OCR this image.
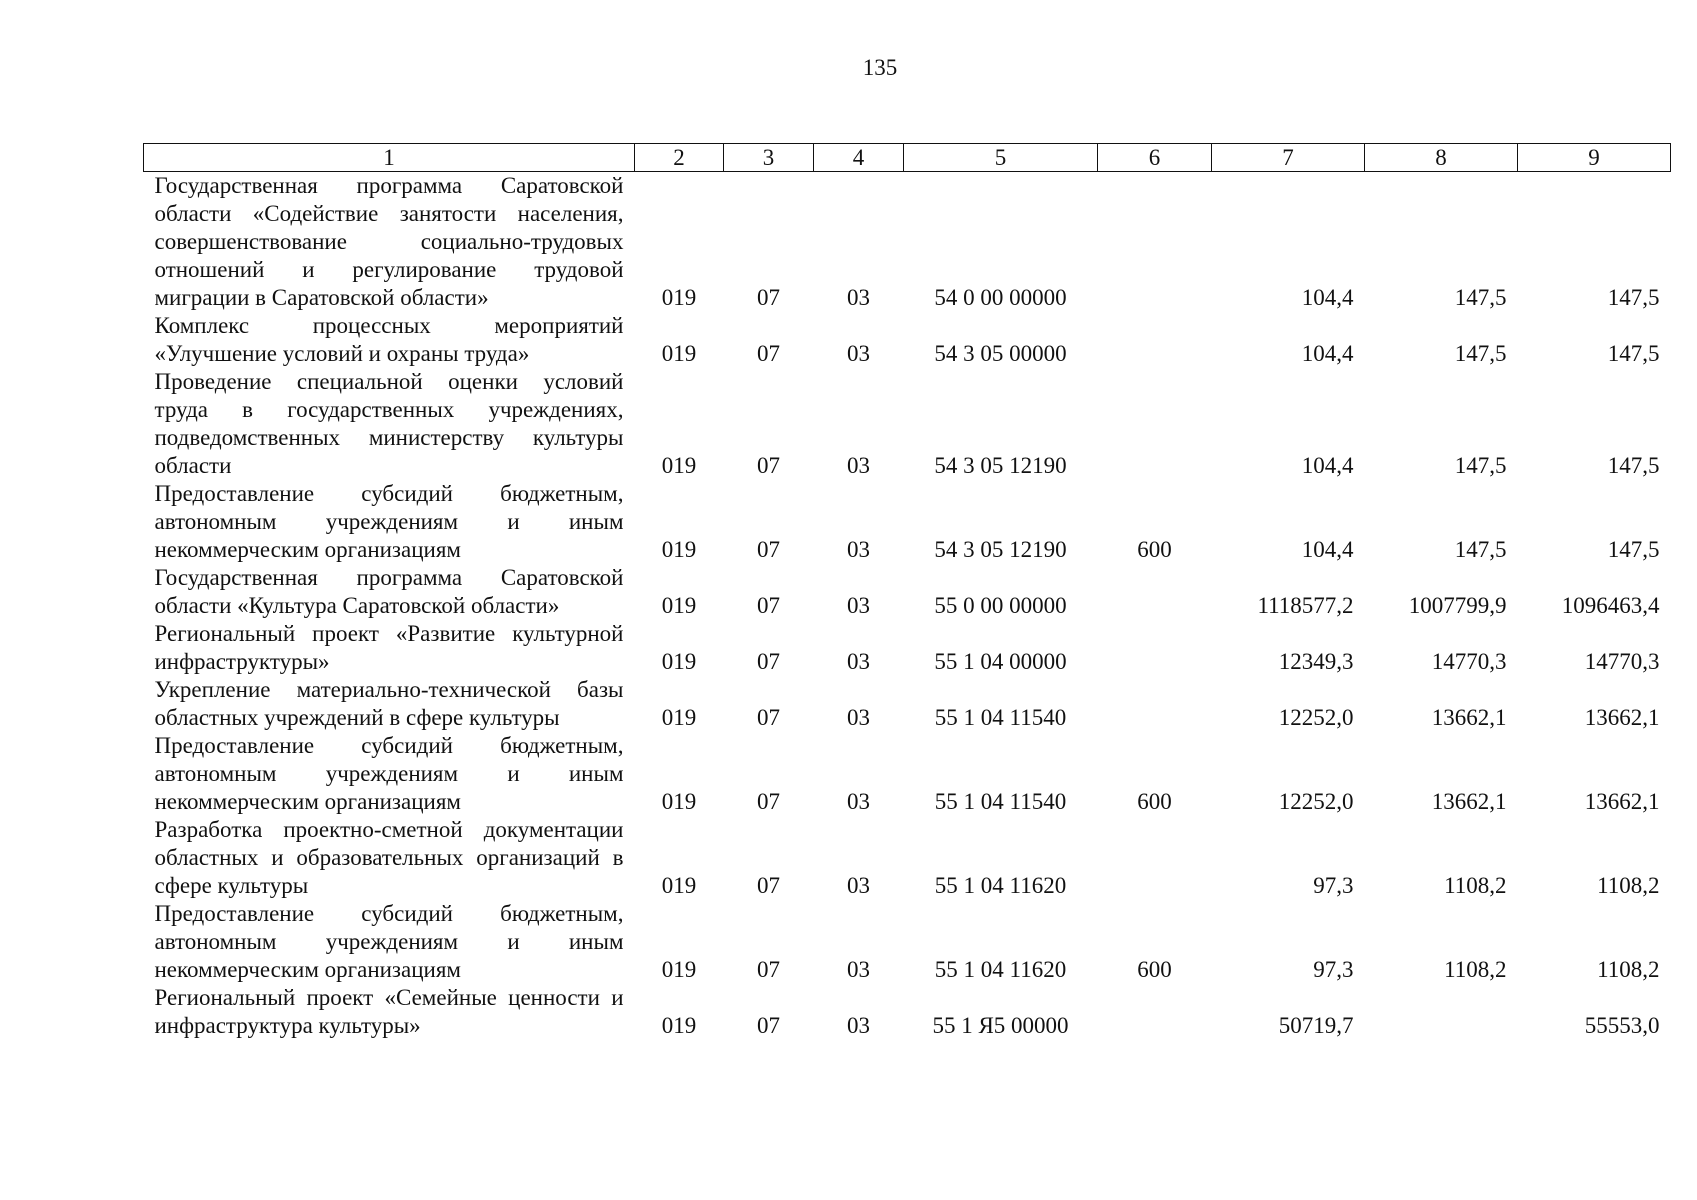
135
1	2	3	4	5	6	7	8	9
Государственная программа Саратовской области «Содействие занятости населения, совершенствование социально-трудовых отношений и регулирование трудовой миграции в Саратовской области»	019	07	03	54 0 00 00000		104,4	147,5	147,5
Комплекс процессных мероприятий «Улучшение условий и охраны труда»	019	07	03	54 3 05 00000		104,4	147,5	147,5
Проведение специальной оценки условий труда в государственных учреждениях, подведомственных министерству культуры области	019	07	03	54 3 05 12190		104,4	147,5	147,5
Предоставление субсидий бюджетным, автономным учреждениям и иным некоммерческим организациям	019	07	03	54 3 05 12190	600	104,4	147,5	147,5
Государственная программа Саратовской области «Культура Саратовской области»	019	07	03	55 0 00 00000		1118577,2	1007799,9	1096463,4
Региональный проект «Развитие культурной инфраструктуры»	019	07	03	55 1 04 00000		12349,3	14770,3	14770,3
Укрепление материально-технической базы областных учреждений в сфере культуры	019	07	03	55 1 04 11540		12252,0	13662,1	13662,1
Предоставление субсидий бюджетным, автономным учреждениям и иным некоммерческим организациям	019	07	03	55 1 04 11540	600	12252,0	13662,1	13662,1
Разработка проектно-сметной документации областных и образовательных организаций в сфере культуры	019	07	03	55 1 04 11620		97,3	1108,2	1108,2
Предоставление субсидий бюджетным, автономным учреждениям и иным некоммерческим организациям	019	07	03	55 1 04 11620	600	97,3	1108,2	1108,2
Региональный проект «Семейные ценности и инфраструктура культуры»	019	07	03	55 1 Я5 00000		50719,7		55553,0
